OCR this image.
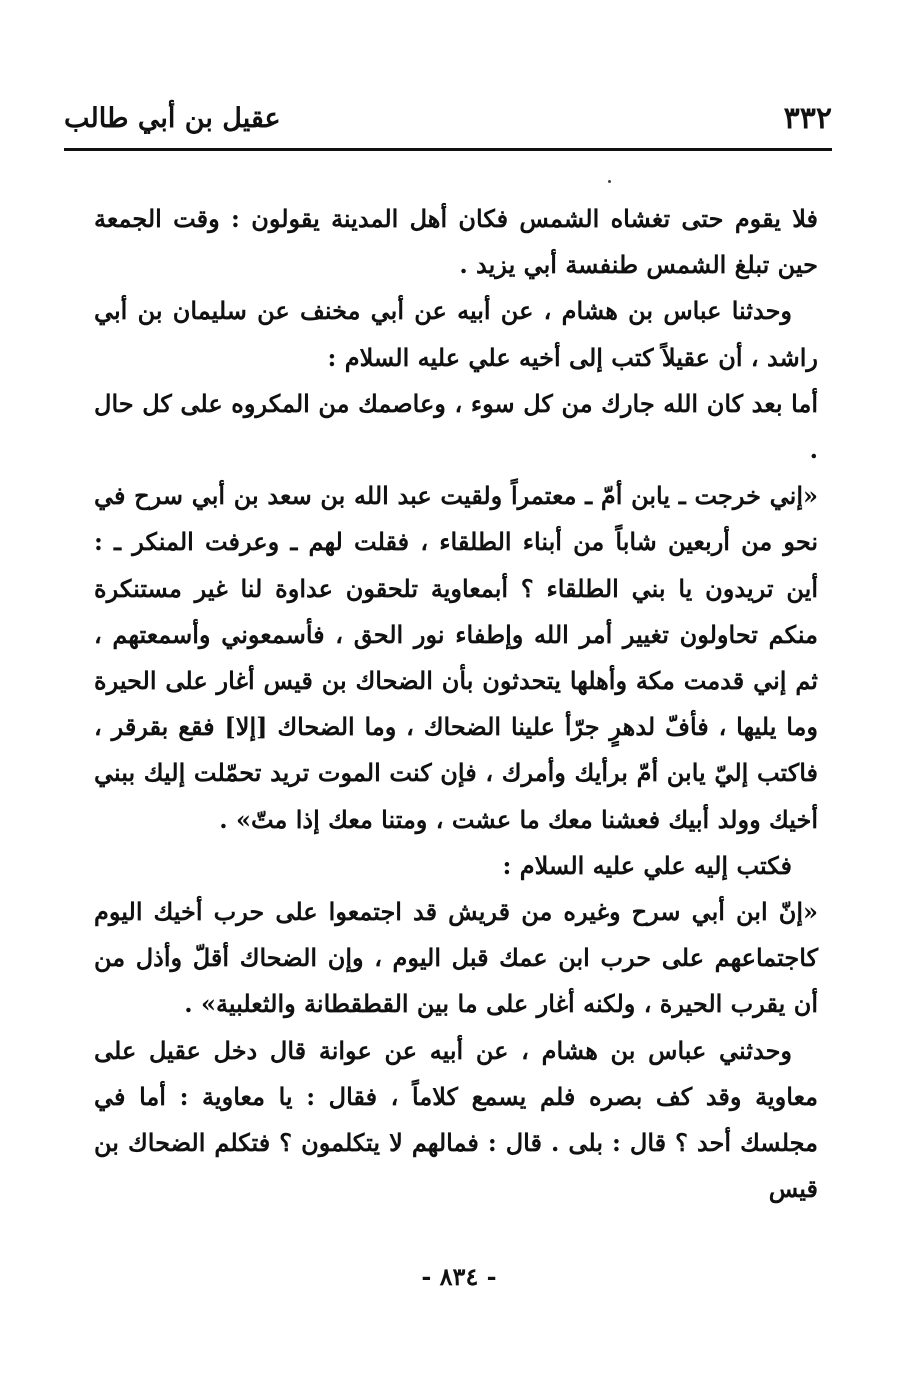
٣٣٢
عقيل بن أبي طالب

فلا يقوم حتى تغشاه الشمس فكان أهل المدينة يقولون : وقت الجمعة حين تبلغ الشمس طنفسة أبي يزيد .

وحدثنا عباس بن هشام ، عن أبيه عن أبي مخنف عن سليمان بن أبي راشد ، أن عقيلاً كتب إلى أخيه علي عليه السلام :

أما بعد كان الله جارك من كل سوء ، وعاصمك من المكروه على كل حال .

«إني خرجت ـ يابن أمّ ـ معتمراً ولقيت عبد الله بن سعد بن أبي سرح في نحو من أربعين شاباً من أبناء الطلقاء ، فقلت لهم ـ وعرفت المنكر ـ : أين تريدون يا بني الطلقاء ؟ أبمعاوية تلحقون عداوة لنا غير مستنكرة منكم تحاولون تغيير أمر الله وإطفاء نور الحق ، فأسمعوني وأسمعتهم ، ثم إني قدمت مكة وأهلها يتحدثون بأن الضحاك بن قيس أغار على الحيرة وما يليها ، فأفّ لدهرٍ جرّأ علينا الضحاك ، وما الضحاك [إلا] فقع بقرقر ، فاكتب إليّ يابن أمّ برأيك وأمرك ، فإن كنت الموت تريد تحمّلت إليك ببني أخيك وولد أبيك فعشنا معك ما عشت ، ومتنا معك إذا متّ» .

فكتب إليه علي عليه السلام :

«إنّ ابن أبي سرح وغيره من قريش قد اجتمعوا على حرب أخيك اليوم كاجتماعهم على حرب ابن عمك قبل اليوم ، وإن الضحاك أقلّ وأذل من أن يقرب الحيرة ، ولكنه أغار على ما بين القطقطانة والثعلبية» .

وحدثني عباس بن هشام ، عن أبيه عن عوانة قال دخل عقيل على معاوية وقد كف بصره فلم يسمع كلاماً ، فقال : يا معاوية : أما في مجلسك أحد ؟ قال : بلى . قال : فمالهم لا يتكلمون ؟ فتكلم الضحاك بن قيس

- ٨٣٤ -
